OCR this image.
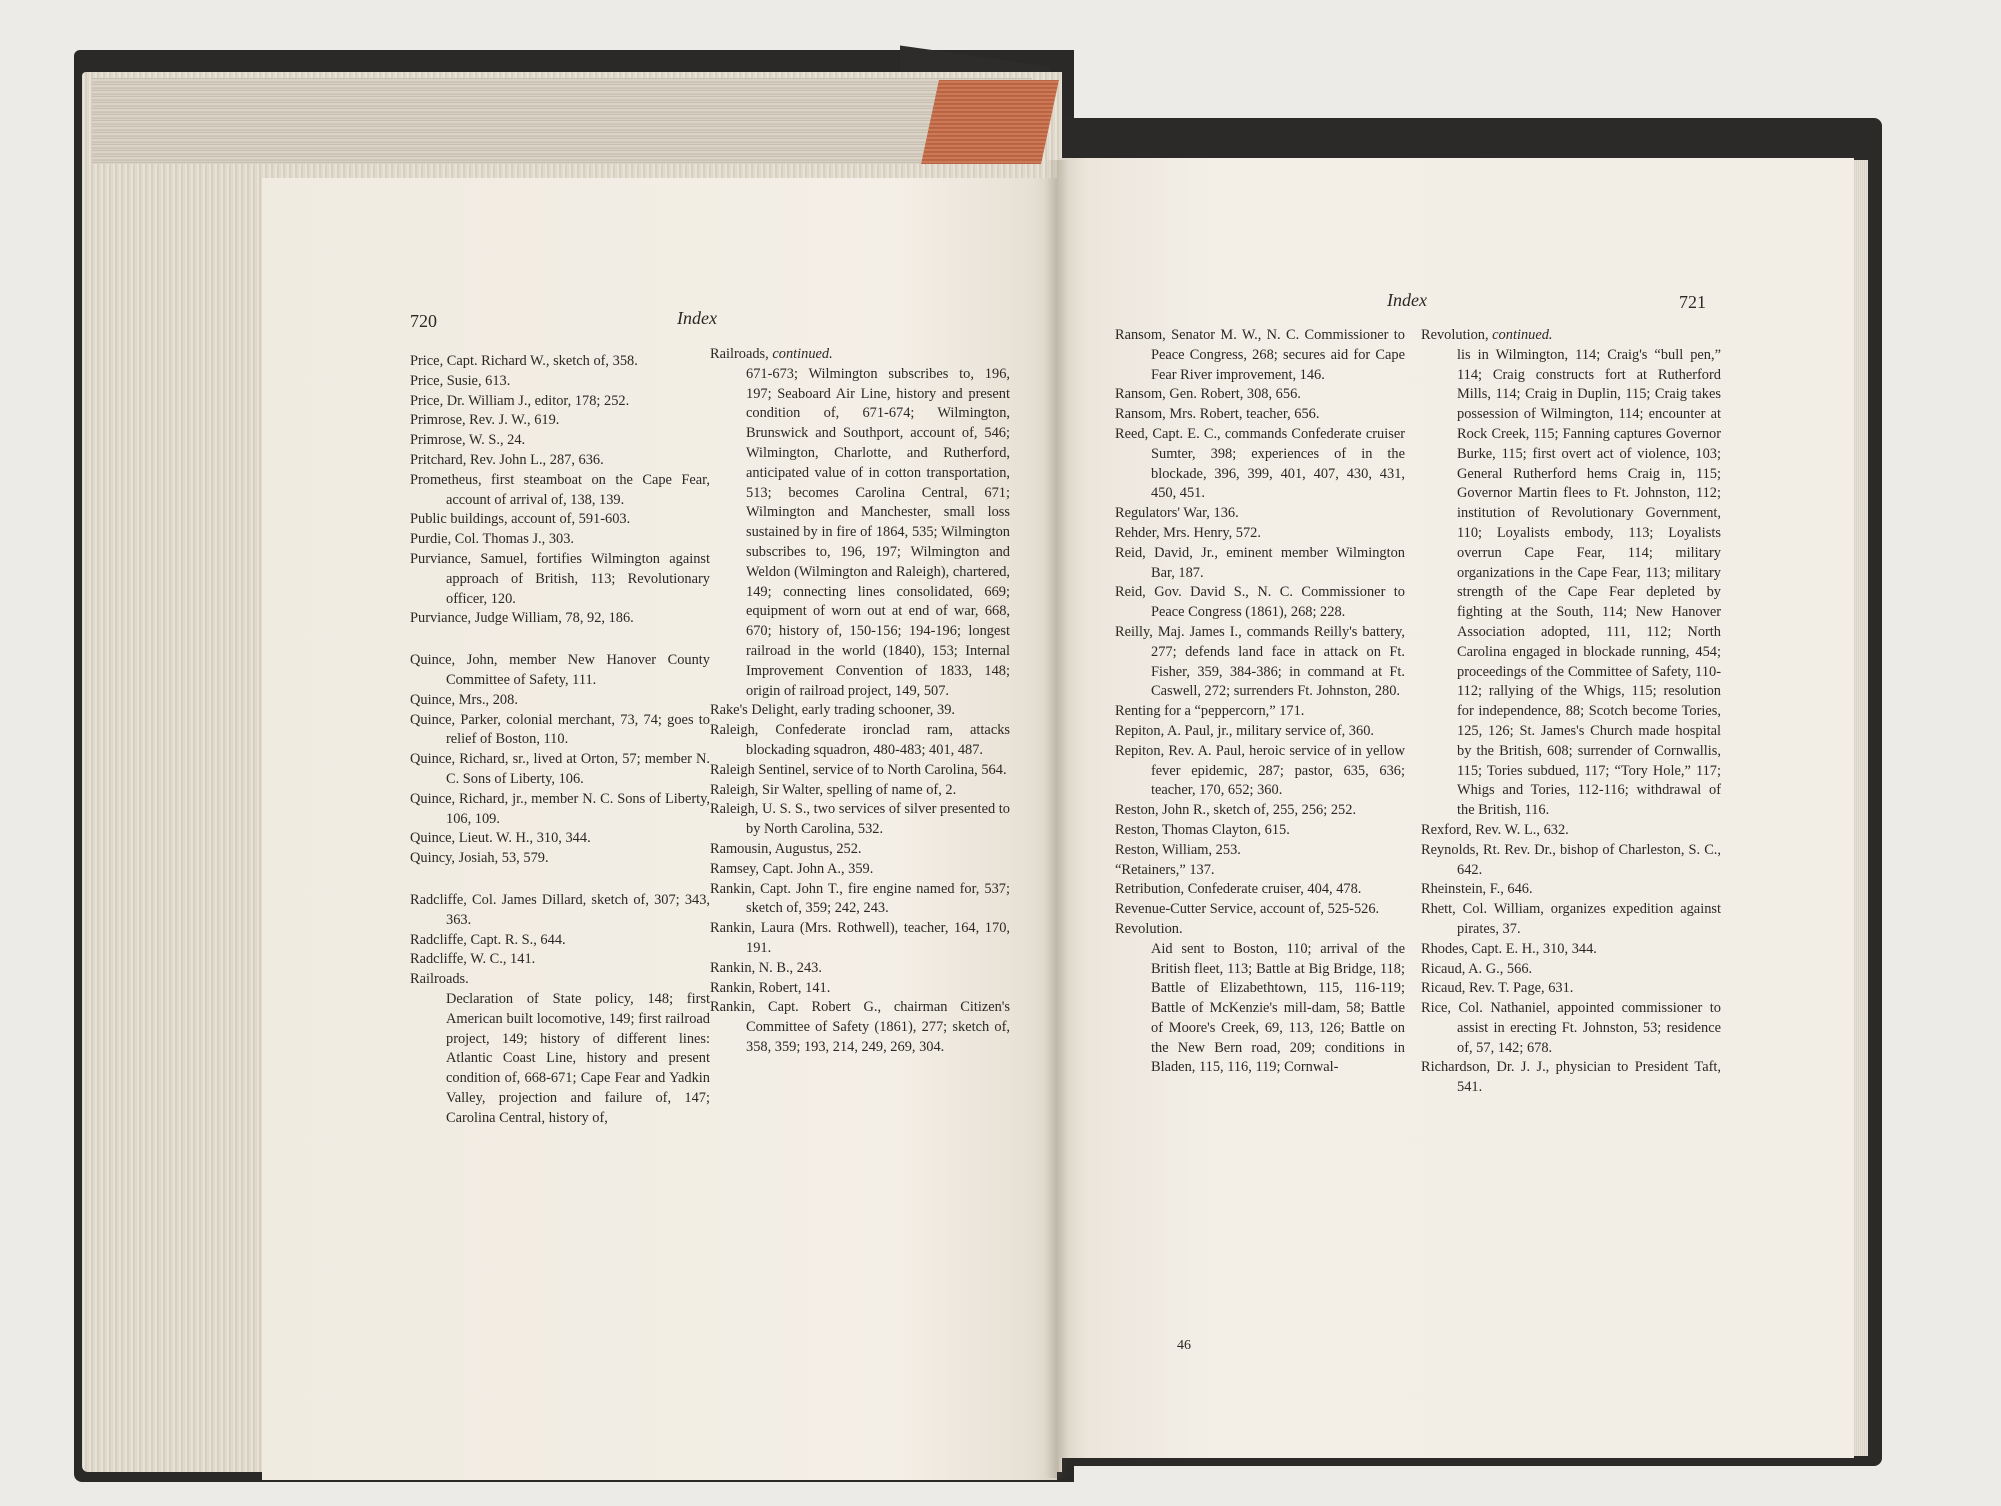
720	Index

Price, Capt. Richard W., sketch of, 358.

Price, Susie, 613.

Price, Dr. William J., editor, 178; 252.

Primrose, Rev. J. W., 619.

Primrose, W. S., 24.

Pritchard, Rev. John L., 287, 636.

Prometheus, first steamboat on the Cape Fear, account of arrival of, 138, 139.

Public buildings, account of, 591-603.

Purdie, Col. Thomas J., 303.

Purviance, Samuel, fortifies Wilmington against approach of British, 113; Revolutionary officer, 120.

Purviance, Judge William, 78, 92, 186.

Quince, John, member New Hanover County Committee of Safety, 111.

Quince, Mrs., 208.

Quince, Parker, colonial merchant, 73, 74; goes to relief of Boston, 110.

Quince, Richard, sr., lived at Orton, 57; member N. C. Sons of Liberty, 106.

Quince, Richard, jr., member N. C. Sons of Liberty, 106, 109.

Quince, Lieut. W. H., 310, 344.

Quincy, Josiah, 53, 579.

Radcliffe, Col. James Dillard, sketch of, 307; 343, 363.

Radcliffe, Capt. R. S., 644.

Radcliffe, W. C., 141.

Railroads.

Declaration of State policy, 148; first American built locomotive, 149; first railroad project, 149; history of different lines: Atlantic Coast Line, history and present condition of, 668-671; Cape Fear and Yadkin Valley, projection and failure of, 147; Carolina Central, history of,

Railroads, continued.

671-673; Wilmington subscribes to, 196, 197; Seaboard Air Line, history and present condition of, 671-674; Wilmington, Brunswick and Southport, account of, 546; Wilmington, Charlotte, and Rutherford, anticipated value of in cotton transportation, 513; becomes Carolina Central, 671; Wilmington and Manchester, small loss sustained by in fire of 1864, 535; Wilmington subscribes to, 196, 197; Wilmington and Weldon (Wilmington and Raleigh), chartered, 149; connecting lines consolidated, 669; equipment of worn out at end of war, 668, 670; history of, 150-156; 194-196; longest railroad in the world (1840), 153; Internal Improvement Convention of 1833, 148; origin of railroad project, 149, 507.

Rake's Delight, early trading schooner, 39.

Raleigh, Confederate ironclad ram, attacks blockading squadron, 480-483; 401, 487.

Raleigh Sentinel, service of to North Carolina, 564.

Raleigh, Sir Walter, spelling of name of, 2.

Raleigh, U. S. S., two services of silver presented to by North Carolina, 532.

Ramousin, Augustus, 252.

Ramsey, Capt. John A., 359.

Rankin, Capt. John T., fire engine named for, 537; sketch of, 359; 242, 243.

Rankin, Laura (Mrs. Rothwell), teacher, 164, 170, 191.

Rankin, N. B., 243.

Rankin, Robert, 141.

Rankin, Capt. Robert G., chairman Citizen's Committee of Safety (1861), 277; sketch of, 358, 359; 193, 214, 249, 269, 304.

Index	721

Ransom, Senator M. W., N. C. Commissioner to Peace Congress, 268; secures aid for Cape Fear River improvement, 146.

Ransom, Gen. Robert, 308, 656.

Ransom, Mrs. Robert, teacher, 656.

Reed, Capt. E. C., commands Confederate cruiser Sumter, 398; experiences of in the blockade, 396, 399, 401, 407, 430, 431, 450, 451.

Regulators' War, 136.

Rehder, Mrs. Henry, 572.

Reid, David, Jr., eminent member Wilmington Bar, 187.

Reid, Gov. David S., N. C. Commissioner to Peace Congress (1861), 268; 228.

Reilly, Maj. James I., commands Reilly's battery, 277; defends land face in attack on Ft. Fisher, 359, 384-386; in command at Ft. Caswell, 272; surrenders Ft. Johnston, 280.

Renting for a “peppercorn,” 171.

Repiton, A. Paul, jr., military service of, 360.

Repiton, Rev. A. Paul, heroic service of in yellow fever epidemic, 287; pastor, 635, 636; teacher, 170, 652; 360.

Reston, John R., sketch of, 255, 256; 252.

Reston, Thomas Clayton, 615.

Reston, William, 253.

“Retainers,” 137.

Retribution, Confederate cruiser, 404, 478.

Revenue-Cutter Service, account of, 525-526.

Revolution.

Aid sent to Boston, 110; arrival of the British fleet, 113; Battle at Big Bridge, 118; Battle of Elizabethtown, 115, 116-119; Battle of McKenzie's mill-dam, 58; Battle of Moore's Creek, 69, 113, 126; Battle on the New Bern road, 209; conditions in Bladen, 115, 116, 119; Cornwal-

Revolution, continued.

lis in Wilmington, 114; Craig's “bull pen,” 114; Craig constructs fort at Rutherford Mills, 114; Craig in Duplin, 115; Craig takes possession of Wilmington, 114; encounter at Rock Creek, 115; Fanning captures Governor Burke, 115; first overt act of violence, 103; General Rutherford hems Craig in, 115; Governor Martin flees to Ft. Johnston, 112; institution of Revolutionary Government, 110; Loyalists embody, 113; Loyalists overrun Cape Fear, 114; military organizations in the Cape Fear, 113; military strength of the Cape Fear depleted by fighting at the South, 114; New Hanover Association adopted, 111, 112; North Carolina engaged in blockade running, 454; proceedings of the Committee of Safety, 110-112; rallying of the Whigs, 115; resolution for independence, 88; Scotch become Tories, 125, 126; St. James's Church made hospital by the British, 608; surrender of Cornwallis, 115; Tories subdued, 117; “Tory Hole,” 117; Whigs and Tories, 112-116; withdrawal of the British, 116.

Rexford, Rev. W. L., 632.

Reynolds, Rt. Rev. Dr., bishop of Charleston, S. C., 642.

Rheinstein, F., 646.

Rhett, Col. William, organizes expedition against pirates, 37.

Rhodes, Capt. E. H., 310, 344.

Ricaud, A. G., 566.

Ricaud, Rev. T. Page, 631.

Rice, Col. Nathaniel, appointed commissioner to assist in erecting Ft. Johnston, 53; residence of, 57, 142; 678.

Richardson, Dr. J. J., physician to President Taft, 541.

46
